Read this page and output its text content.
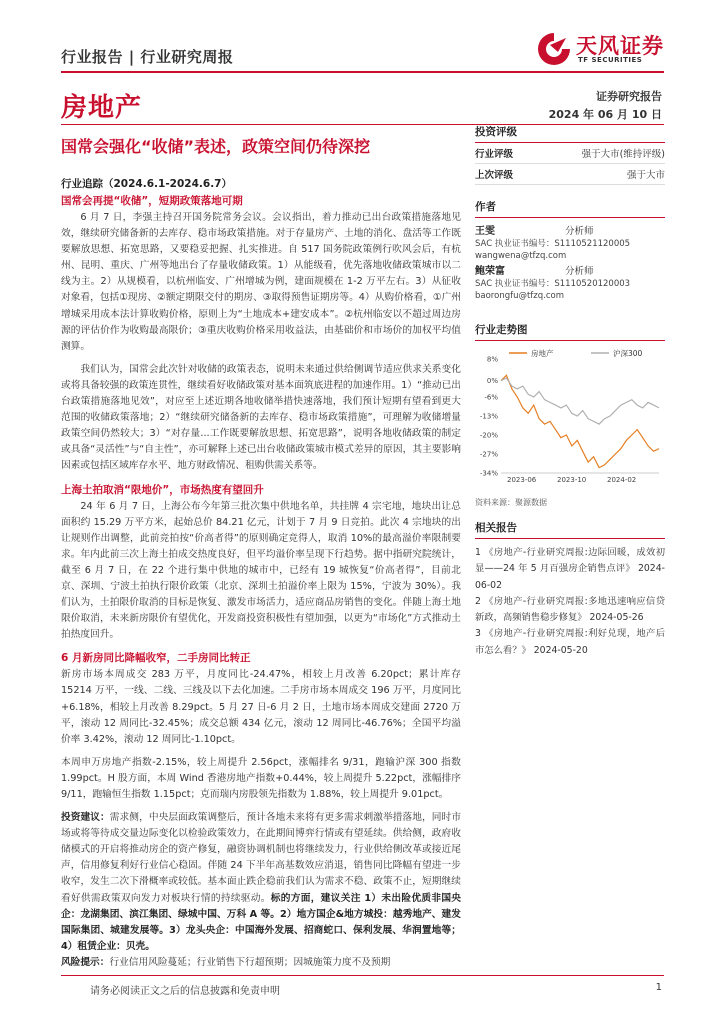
行业报告 | 行业研究周报	天风证券
TF SECURITIES
房地产	证券研究报告
2024 年 06 月 10 日
国常会强化“收储”表述，政策空间仍待深挖
行业追踪（2024.6.1-2024.6.7）
国常会再提“收储”，短期政策落地可期

6 月 7 日，李强主持召开国务院常务会议。会议指出，着力推动已出台政策措施落地见效，继续研究储备新的去库存、稳市场政策措施。对于存量房产、土地的消化、盘活等工作既要解放思想、拓宽思路，又要稳妥把握、扎实推进。自 517 国务院政策例行吹风会后，有杭州、昆明、重庆、广州等地出台了存量收储政策。1）从能级看，优先落地收储政策城市以二线为主。2）从规模看，以杭州临安、广州增城为例，建面规模在 1-2 万平左右。3）从征收对象看，包括①现房、②额定期限交付的期房、③取得预售证期房等。4）从购价格看，①广州增城采用成本法计算收购价格，原则上为“土地成本+建安成本”。②杭州临安以不超过周边房源的评估价作为收购最高限价；③重庆收购价格采用收益法，由基础价和市场价的加权平均值测算。

我们认为，国常会此次针对收储的政策表态，说明未来通过供给侧调节适应供求关系变化或将具备较强的政策连贯性，继续看好收储政策对基本面筑底进程的加速作用。1）“推动已出台政策措施落地见效”，对应至上述近期各地收储举措快速落地，我们预计短期有望看到更大范围的收储政策落地；2）“继续研究储备新的去库存、稳市场政策措施”，可理解为收储增量政策空间仍然较大；3）“对存量...工作既要解放思想、拓宽思路”，说明各地收储政策的制定或具备“灵活性”与“自主性”，亦可解释上述已出台收储政策城市模式差异的原因，其主要影响因素或包括区域库存水平、地方财政情况、租购供需关系等。

上海土拍取消“限地价”，市场热度有望回升

24 年 6 月 7 日，上海公布今年第三批次集中供地名单，共挂牌 4 宗宅地，地块出让总面积约 15.29 万平方米，起始总价 84.21 亿元，计划于 7 月 9 日竞拍。此次 4 宗地块的出让规则作出调整，此前竞拍按“价高者得”的原则确定竞得人，取消 10%的最高溢价率限制要求。年内此前三次上海土拍成交热度良好，但平均溢价率呈现下行趋势。据中指研究院统计，截至 6 月 7 日，在 22 个进行集中供地的城市中，已经有 19 城恢复“价高者得”，目前北京、深圳、宁波土拍执行限价政策（北京、深圳土拍溢价率上限为 15%，宁波为 30%）。我们认为，土拍限价取消的目标是恢复、激发市场活力，适应商品房销售的变化。伴随上海土地限价取消，未来新房限价有望优化，开发商投资积极性有望加强，以更为“市场化”方式推动土拍热度回升。

6 月新房同比降幅收窄，二手房同比转正

新房市场本周成交 283 万平，月度同比-24.47%，相较上月改善 6.20pct；累计库存 15214 万平，一线、二线、三线及以下去化加速。二手房市场本周成交 196 万平，月度同比+6.18%，相较上月改善 8.29pct。5 月 27 日-6 月 2 日，土地市场本周成交建面 2720 万平，滚动 12 周同比-32.45%；成交总额 434 亿元，滚动 12 周同比-46.76%；全国平均溢价率 3.42%，滚动 12 周同比-1.10pct。

本周申万房地产指数-2.15%，较上周提升 2.56pct，涨幅排名 9/31，跑输沪深 300 指数 1.99pct。H 股方面，本周 Wind 香港房地产指数+0.44%，较上周提升 5.22pct，涨幅排序 9/11，跑输恒生指数 1.15pct；克而瑞内房股领先指数为 1.88%，较上周提升 9.01pct。

投资建议：需求侧，中央层面政策调整后，预计各地未来将有更多需求刺激举措落地，同时市场或将等待成交量边际变化以检验政策效力，在此期间博弈行情或有望延续。供给侧，政府收储模式的开启将推动房企的资产修复，融资协调机制也将继续发力，行业供给侧改革或接近尾声，信用修复利好行业信心稳固。伴随 24 下半年高基数效应消退，销售同比降幅有望进一步收窄，发生二次下滑概率或较低。基本面止跌企稳前我们认为需求不稳、政策不止，短期继续看好供需政策双向发力对板块行情的持续驱动。标的方面，建议关注 1）未出险优质非国央企：龙湖集团、滨江集团、绿城中国、万科 A 等。2）地方国企&地方城投：越秀地产、建发国际集团、城建发展等。3）龙头央企：中国海外发展、招商蛇口、保利发展、华润置地等；4）租赁企业：贝壳。

风险提示：行业信用风险蔓延；行业销售下行超预期；因城施策力度不及预期

投资评级
行业评级	强于大市(维持评级)
上次评级	强于大市
作者
王雯	分析师
SAC 执业证书编号：S1110521120005
wangwena@tfzq.com
鲍荣富	分析师
SAC 执业证书编号：S1110520120003
baorongfu@tfzq.com
行业走势图
房地产	沪深300
8%
0%
-6%
-13%
-20%
-27%
-34%
2023-06	2023-10	2024-02
资料来源：聚源数据
相关报告
1 《房地产-行业研究周报:边际回暖，成效初显——24 年 5 月百强房企销售点评》 2024-06-02
2 《房地产-行业研究周报:多地迅速响应信贷新政，高频销售稳步修复》 2024-05-26
3 《房地产-行业研究周报:利好兑现，地产后市怎么看？》 2024-05-20
请务必阅读正文之后的信息披露和免责申明	1
